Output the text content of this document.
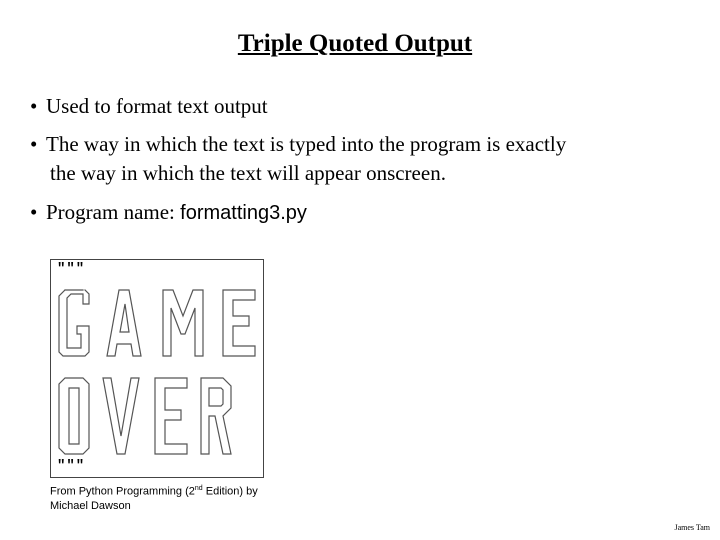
Triple Quoted Output
• Used to format text output
• The way in which the text is typed into the program is exactly
the way in which the text will appear onscreen.
• Program name: formatting3.py
"""
"""
From Python Programming (2nd Edition) by
Michael Dawson
James Tam
